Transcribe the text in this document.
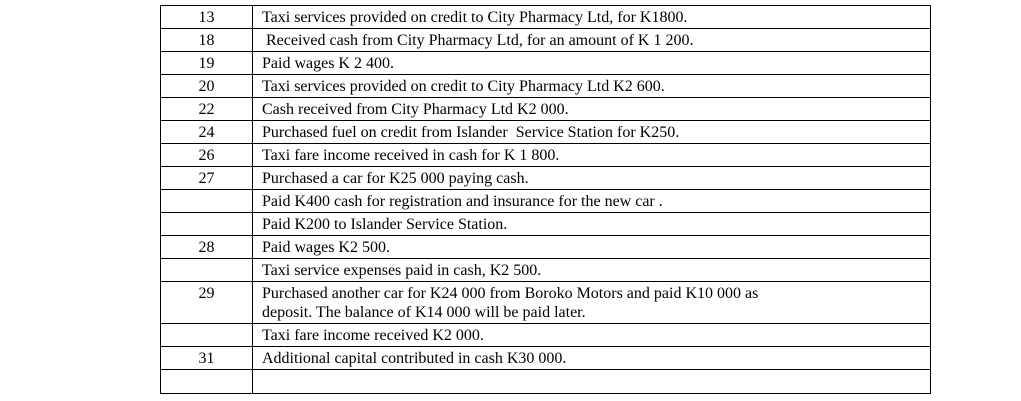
13	Taxi services provided on credit to City Pharmacy Ltd, for K1800.
18	Received cash from City Pharmacy Ltd, for an amount of K 1 200.
19	Paid wages K 2 400.
20	Taxi services provided on credit to City Pharmacy Ltd K2 600.
22	Cash received from City Pharmacy Ltd K2 000.
24	Purchased fuel on credit from Islander  Service Station for K250.
26	Taxi fare income received in cash for K 1 800.
27	Purchased a car for K25 000 paying cash.
	Paid K400 cash for registration and insurance for the new car .
	Paid K200 to Islander Service Station.
28	Paid wages K2 500.
	Taxi service expenses paid in cash, K2 500.
29	Purchased another car for K24 000 from Boroko Motors and paid K10 000 as
deposit. The balance of K14 000 will be paid later.

	Taxi fare income received K2 000.
31	Additional capital contributed in cash K30 000.
